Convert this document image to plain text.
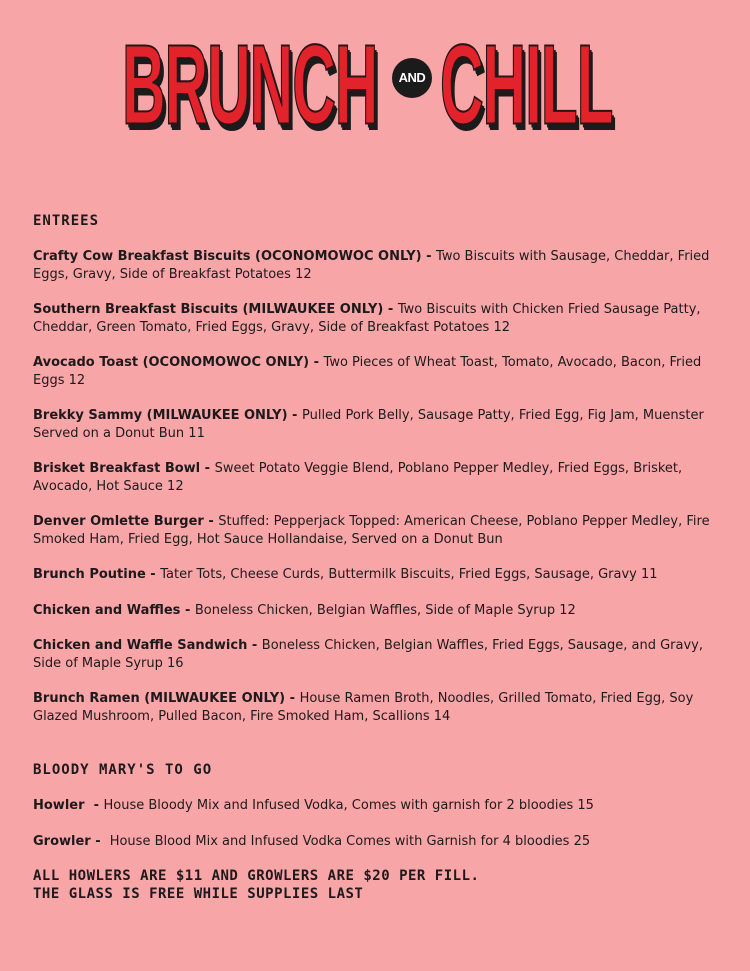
BRUNCH	AND CHILL
ENTREES
Crafty Cow Breakfast Biscuits (OCONOMOWOC ONLY) - Two Biscuits with Sausage, Cheddar, Fried Eggs, Gravy, Side of Breakfast Potatoes 12
Southern Breakfast Biscuits (MILWAUKEE ONLY) - Two Biscuits with Chicken Fried Sausage Patty, Cheddar, Green Tomato, Fried Eggs, Gravy, Side of Breakfast Potatoes 12
Avocado Toast (OCONOMOWOC ONLY) - Two Pieces of Wheat Toast, Tomato, Avocado, Bacon, Fried Eggs 12
Brekky Sammy (MILWAUKEE ONLY) - Pulled Pork Belly, Sausage Patty, Fried Egg, Fig Jam, Muenster Served on a Donut Bun 11
Brisket Breakfast Bowl - Sweet Potato Veggie Blend, Poblano Pepper Medley, Fried Eggs, Brisket, Avocado, Hot Sauce 12
Denver Omlette Burger - Stuffed: Pepperjack Topped: American Cheese, Poblano Pepper Medley, Fire Smoked Ham, Fried Egg, Hot Sauce Hollandaise, Served on a Donut Bun
Brunch Poutine - Tater Tots, Cheese Curds, Buttermilk Biscuits, Fried Eggs, Sausage, Gravy 11
Chicken and Waffles - Boneless Chicken, Belgian Waffles, Side of Maple Syrup 12
Chicken and Waffle Sandwich - Boneless Chicken, Belgian Waffles, Fried Eggs, Sausage, and Gravy, Side of Maple Syrup 16
Brunch Ramen (MILWAUKEE ONLY) - House Ramen Broth, Noodles, Grilled Tomato, Fried Egg, Soy Glazed Mushroom, Pulled Bacon, Fire Smoked Ham, Scallions 14
BLOODY MARY'S TO GO
Howler  - House Bloody Mix and Infused Vodka, Comes with garnish for 2 bloodies 15
Growler -  House Blood Mix and Infused Vodka Comes with Garnish for 4 bloodies 25

ALL HOWLERS ARE $11 AND GROWLERS ARE $20 PER FILL.
THE GLASS IS FREE WHILE SUPPLIES LAST
